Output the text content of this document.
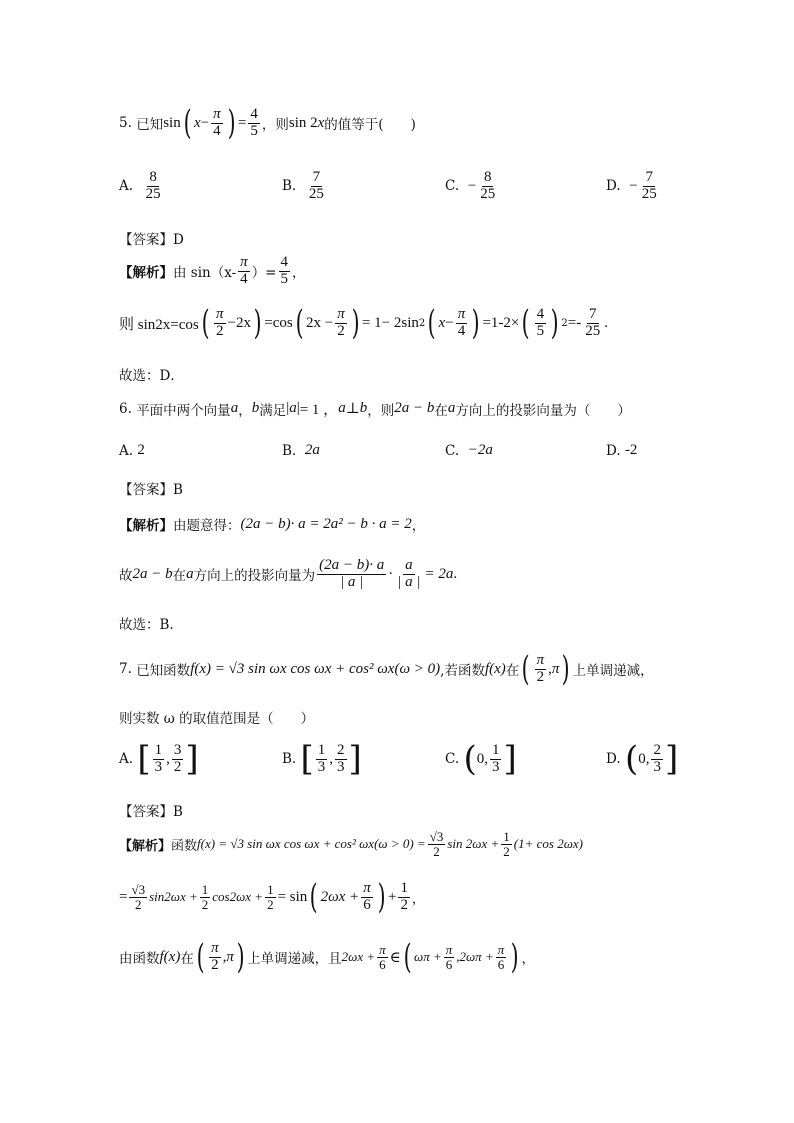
5.
已知 sin ( $x - \frac{\pi}{4}$ ) = $\frac{4}{5}$ ，则 sin 2 x 的值等于(　　)
A.
$\frac{8}{25}$	B.
$\frac{7}{25}$	C.
− $\frac{8}{25}$	D.
− $\frac{7}{25}$
【答案】D
【解析】 由 $\sin(x- \frac{\pi}{4}$ ）= $\frac{4}{5}$ ，
则 sin2x=cos ( $\frac{\pi}{2} -2x$ ) =cos ( $2x - \frac{\pi}{2}$ ) = 1− 2sin 2 ( $x - \frac{\pi}{4}$ ) =1-2× ( $\frac{4}{5}$ ) $2 =- \frac{7}{25}$ .
故选：D．
6.
平面中两个向量 a ， b 满足 |a| = 1 ， a ⊥ b ，则 2a − b 在 a 方向上的投影向量为（　　）
A.
2	B.
2a	C.
−2a	D.
-2
【答案】B
【解析】 由题意得： (2a − b)· a = 2a² − b · a = 2 ，
故 2a − b 在 a 方向上的投影向量为 $\frac{(2a - b)\cdot a}{| a |} \cdot \frac{a}{| a |} = 2a$ .
故选：B.
7.
已知函数 f(x) = √3 sin ωx cos ωx + cos² ωx(ω > 0) ,若函数 f(x) 在 ( $\frac{\pi}{2}$ , π ) 上单调递减，
则实数 ω 的取值范围是（　　）
A.
[ $\frac{1}{3}$ , $\frac{3}{2}$ ]	B.
[ $\frac{1}{3}$ , $\frac{2}{3}$ ]	C.
( 0 , $\frac{1}{3}$ ]	D.
( 0 , $\frac{2}{3}$ ]
【答案】B
【解析】 函数 f(x) = √3 sin ωx cos ωx + cos² $\omega x(\omega > 0) = \frac{√3}{2}$ $\sin 2\omega x + \frac{1}{2} (1+ \cos 2\omega x)$
= $\frac{√3}{2} \sin 2\omega x + \frac{1}{2} \cos 2\omega x + \frac{1}{2} = \sin$ ( $2\omega x + \frac{\pi}{6}$ ) + $\frac{1}{2}$ ，
由函数 f(x) 在 ( $\frac{\pi}{2}$ , π ) 上单调递减，且 $2\omega x + \frac{\pi}{6}$ ∈ ( $\omega\pi + \frac{\pi}{6} ,2\omega\pi + \frac{\pi}{6}$ ) ，
